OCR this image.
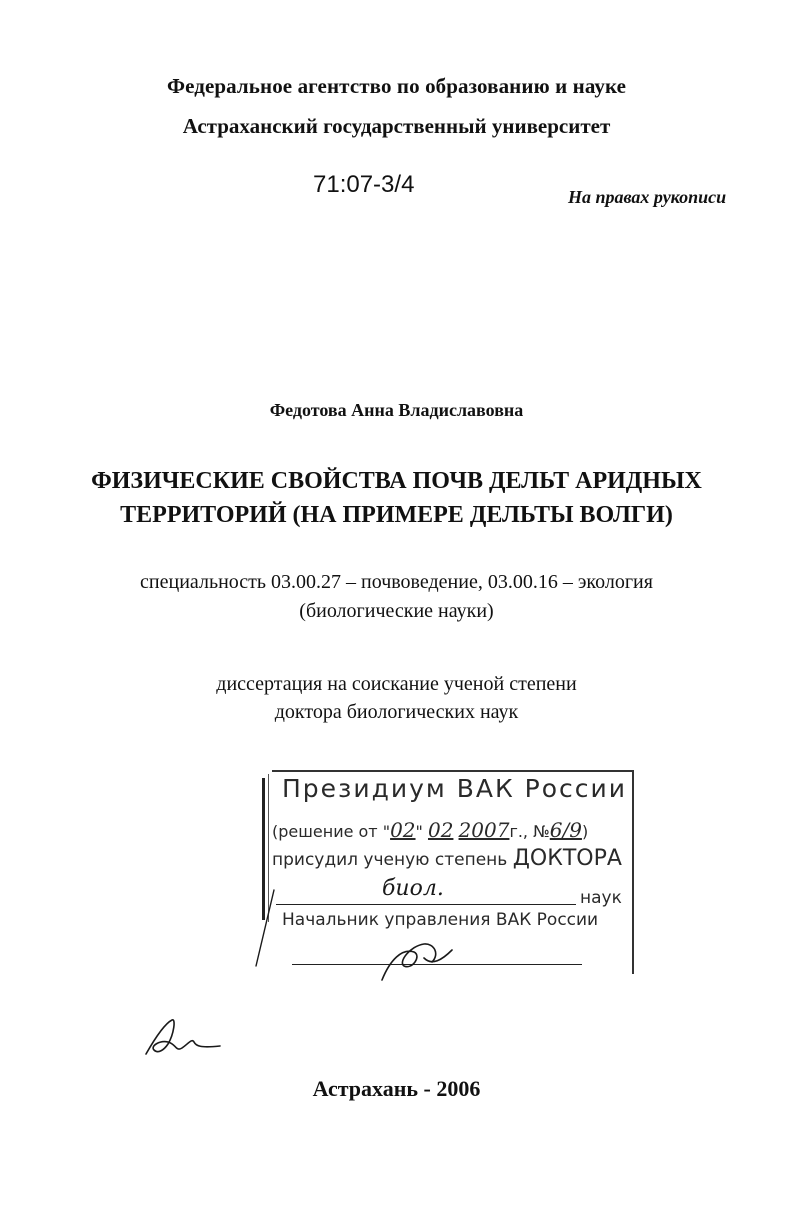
Федеральное агентство по образованию и науке
Астраханский государственный университет
71:07-3/4	На правах рукописи
Федотова Анна Владиславовна
ФИЗИЧЕСКИЕ СВОЙСТВА ПОЧВ ДЕЛЬТ АРИДНЫХ
ТЕРРИТОРИЙ (НА ПРИМЕРЕ ДЕЛЬТЫ ВОЛГИ)
специальность 03.00.27 – почвоведение, 03.00.16 – экология
(биологические науки)
диссертация на соискание ученой степени
доктора биологических наук
Президиум ВАК России
(решение от "02" 02 2007г., №6/9)
присудил ученую степень ДОКТОРА
биол.	наук
Начальник управления ВАК России
Астрахань - 2006
